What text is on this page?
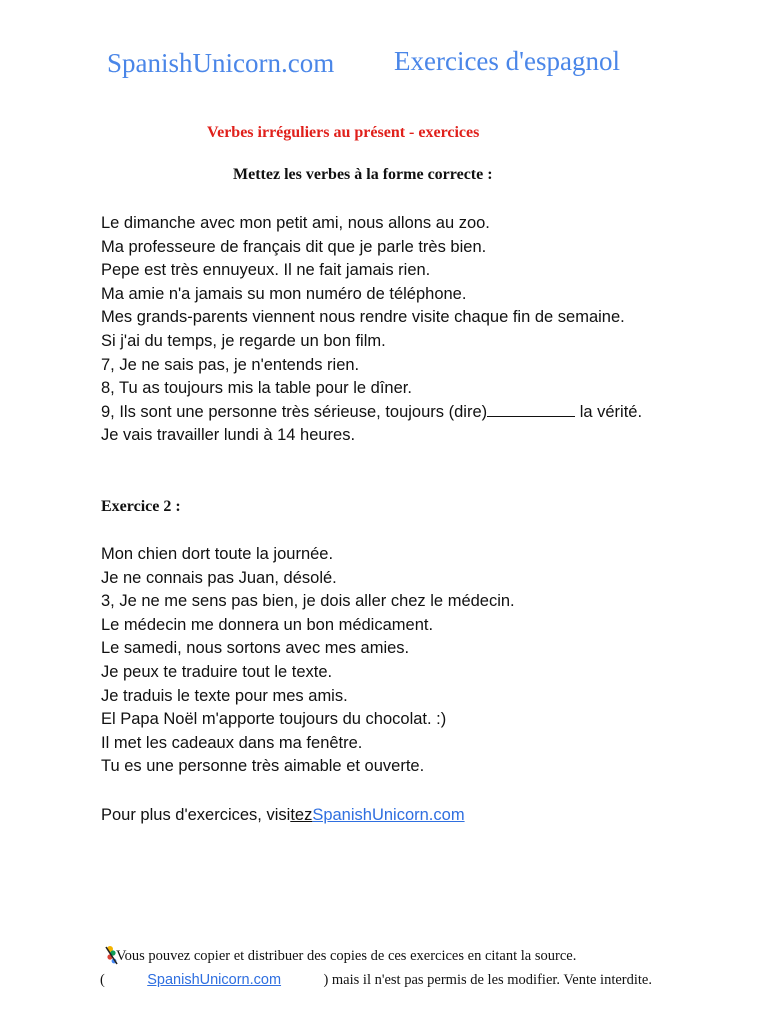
SpanishUnicorn.com Exercices d'espagnol
Verbes irréguliers au présent - exercices
Mettez les verbes à la forme correcte :
Le dimanche avec mon petit ami, nous allons au zoo.
Ma professeure de français dit que je parle très bien.
Pepe est très ennuyeux. Il ne fait jamais rien.
Ma amie n'a jamais su mon numéro de téléphone.
Mes grands-parents viennent nous rendre visite chaque fin de semaine.
Si j'ai du temps, je regarde un bon film.
7, Je ne sais pas, je n'entends rien.
8, Tu as toujours mis la table pour le dîner.
9, Ils sont une personne très sérieuse, toujours (dire)	la vérité.
Je vais travailler lundi à 14 heures.
Exercice 2 :
Mon chien dort toute la journée.
Je ne connais pas Juan, désolé.
3, Je ne me sens pas bien, je dois aller chez le médecin.
Le médecin me donnera un bon médicament.
Le samedi, nous sortons avec mes amies.
Je peux te traduire tout le texte.
Je traduis le texte pour mes amis.
El Papa Noël m'apporte toujours du chocolat. :)
Il met les cadeaux dans ma fenêtre.
Tu es une personne très aimable et ouverte.
Pour plus d'exercices, visitezSpanishUnicorn.com
Vous pouvez copier et distribuer des copies de ces exercices en citant la source.
(	SpanishUnicorn.com	) mais il n'est pas permis de les modifier. Vente interdite.
